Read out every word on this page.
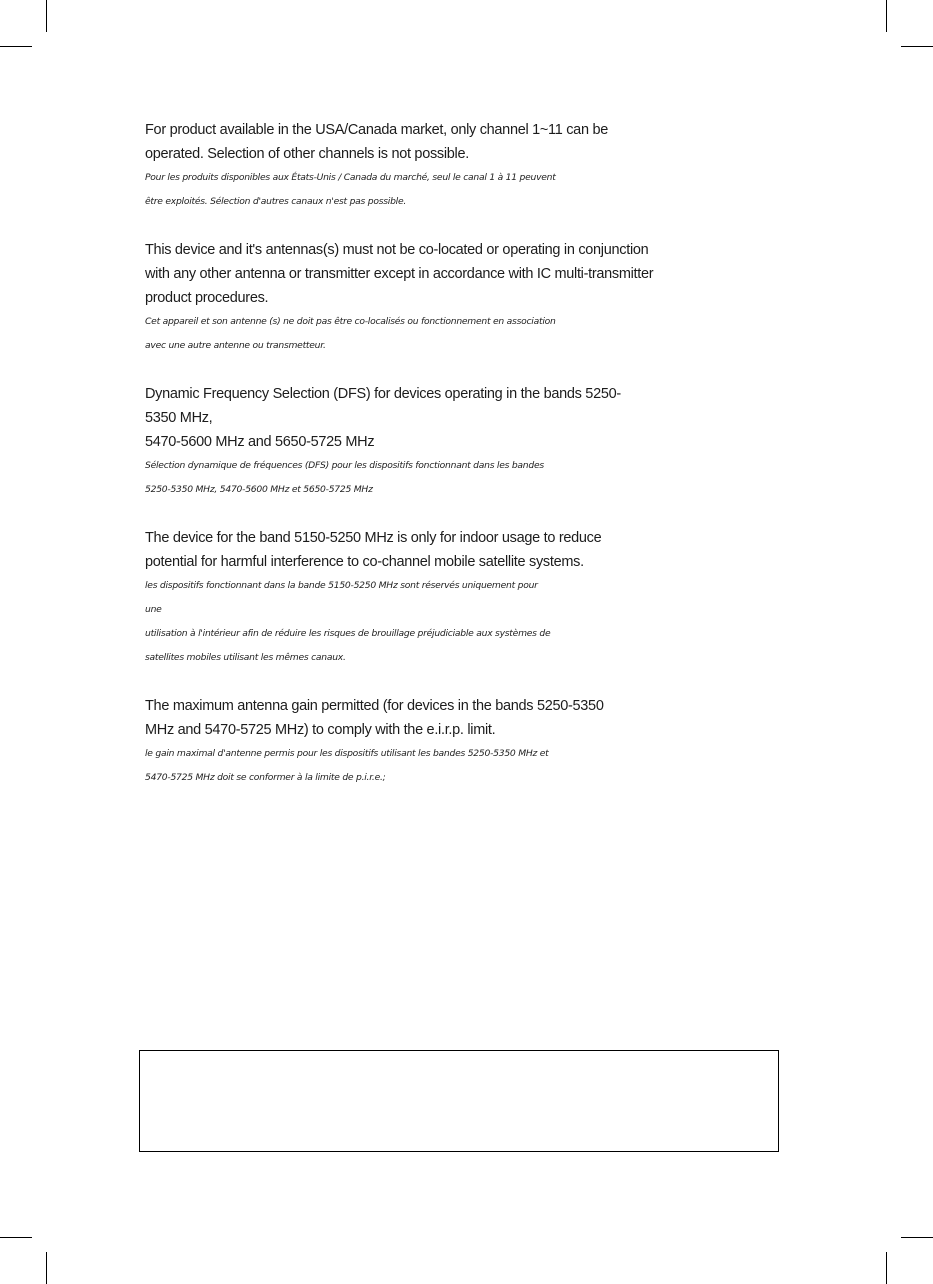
For product available in the USA/Canada market, only channel 1~11 can be
operated. Selection of other channels is not possible.

Pour les produits disponibles aux États-Unis / Canada du marché, seul le canal 1 à 11 peuvent
être exploités. Sélection d'autres canaux n'est pas possible.

This device and it's antennas(s) must not be co-located or operating in conjunction
with any other antenna or transmitter except in accordance with IC multi-transmitter
product procedures.

Cet appareil et son antenne (s) ne doit pas être co-localisés ou fonctionnement en association
avec une autre antenne ou transmetteur.

Dynamic Frequency Selection (DFS) for devices operating in the bands 5250-
5350 MHz,
5470-5600 MHz and 5650-5725 MHz

Sélection dynamique de fréquences (DFS) pour les dispositifs fonctionnant dans les bandes
5250-5350 MHz, 5470-5600 MHz et 5650-5725 MHz

The device for the band 5150-5250 MHz is only for indoor usage to reduce
potential for harmful interference to co-channel mobile satellite systems.

les dispositifs fonctionnant dans la bande 5150-5250 MHz sont réservés uniquement pour
une
utilisation à l'intérieur afin de réduire les risques de brouillage préjudiciable aux systèmes de
satellites mobiles utilisant les mêmes canaux.

The maximum antenna gain permitted (for devices in the bands 5250-5350
MHz and 5470-5725 MHz) to comply with the e.i.r.p. limit.

le gain maximal d'antenne permis pour les dispositifs utilisant les bandes 5250-5350 MHz et
5470-5725 MHz doit se conformer à la limite de p.i.r.e.;
